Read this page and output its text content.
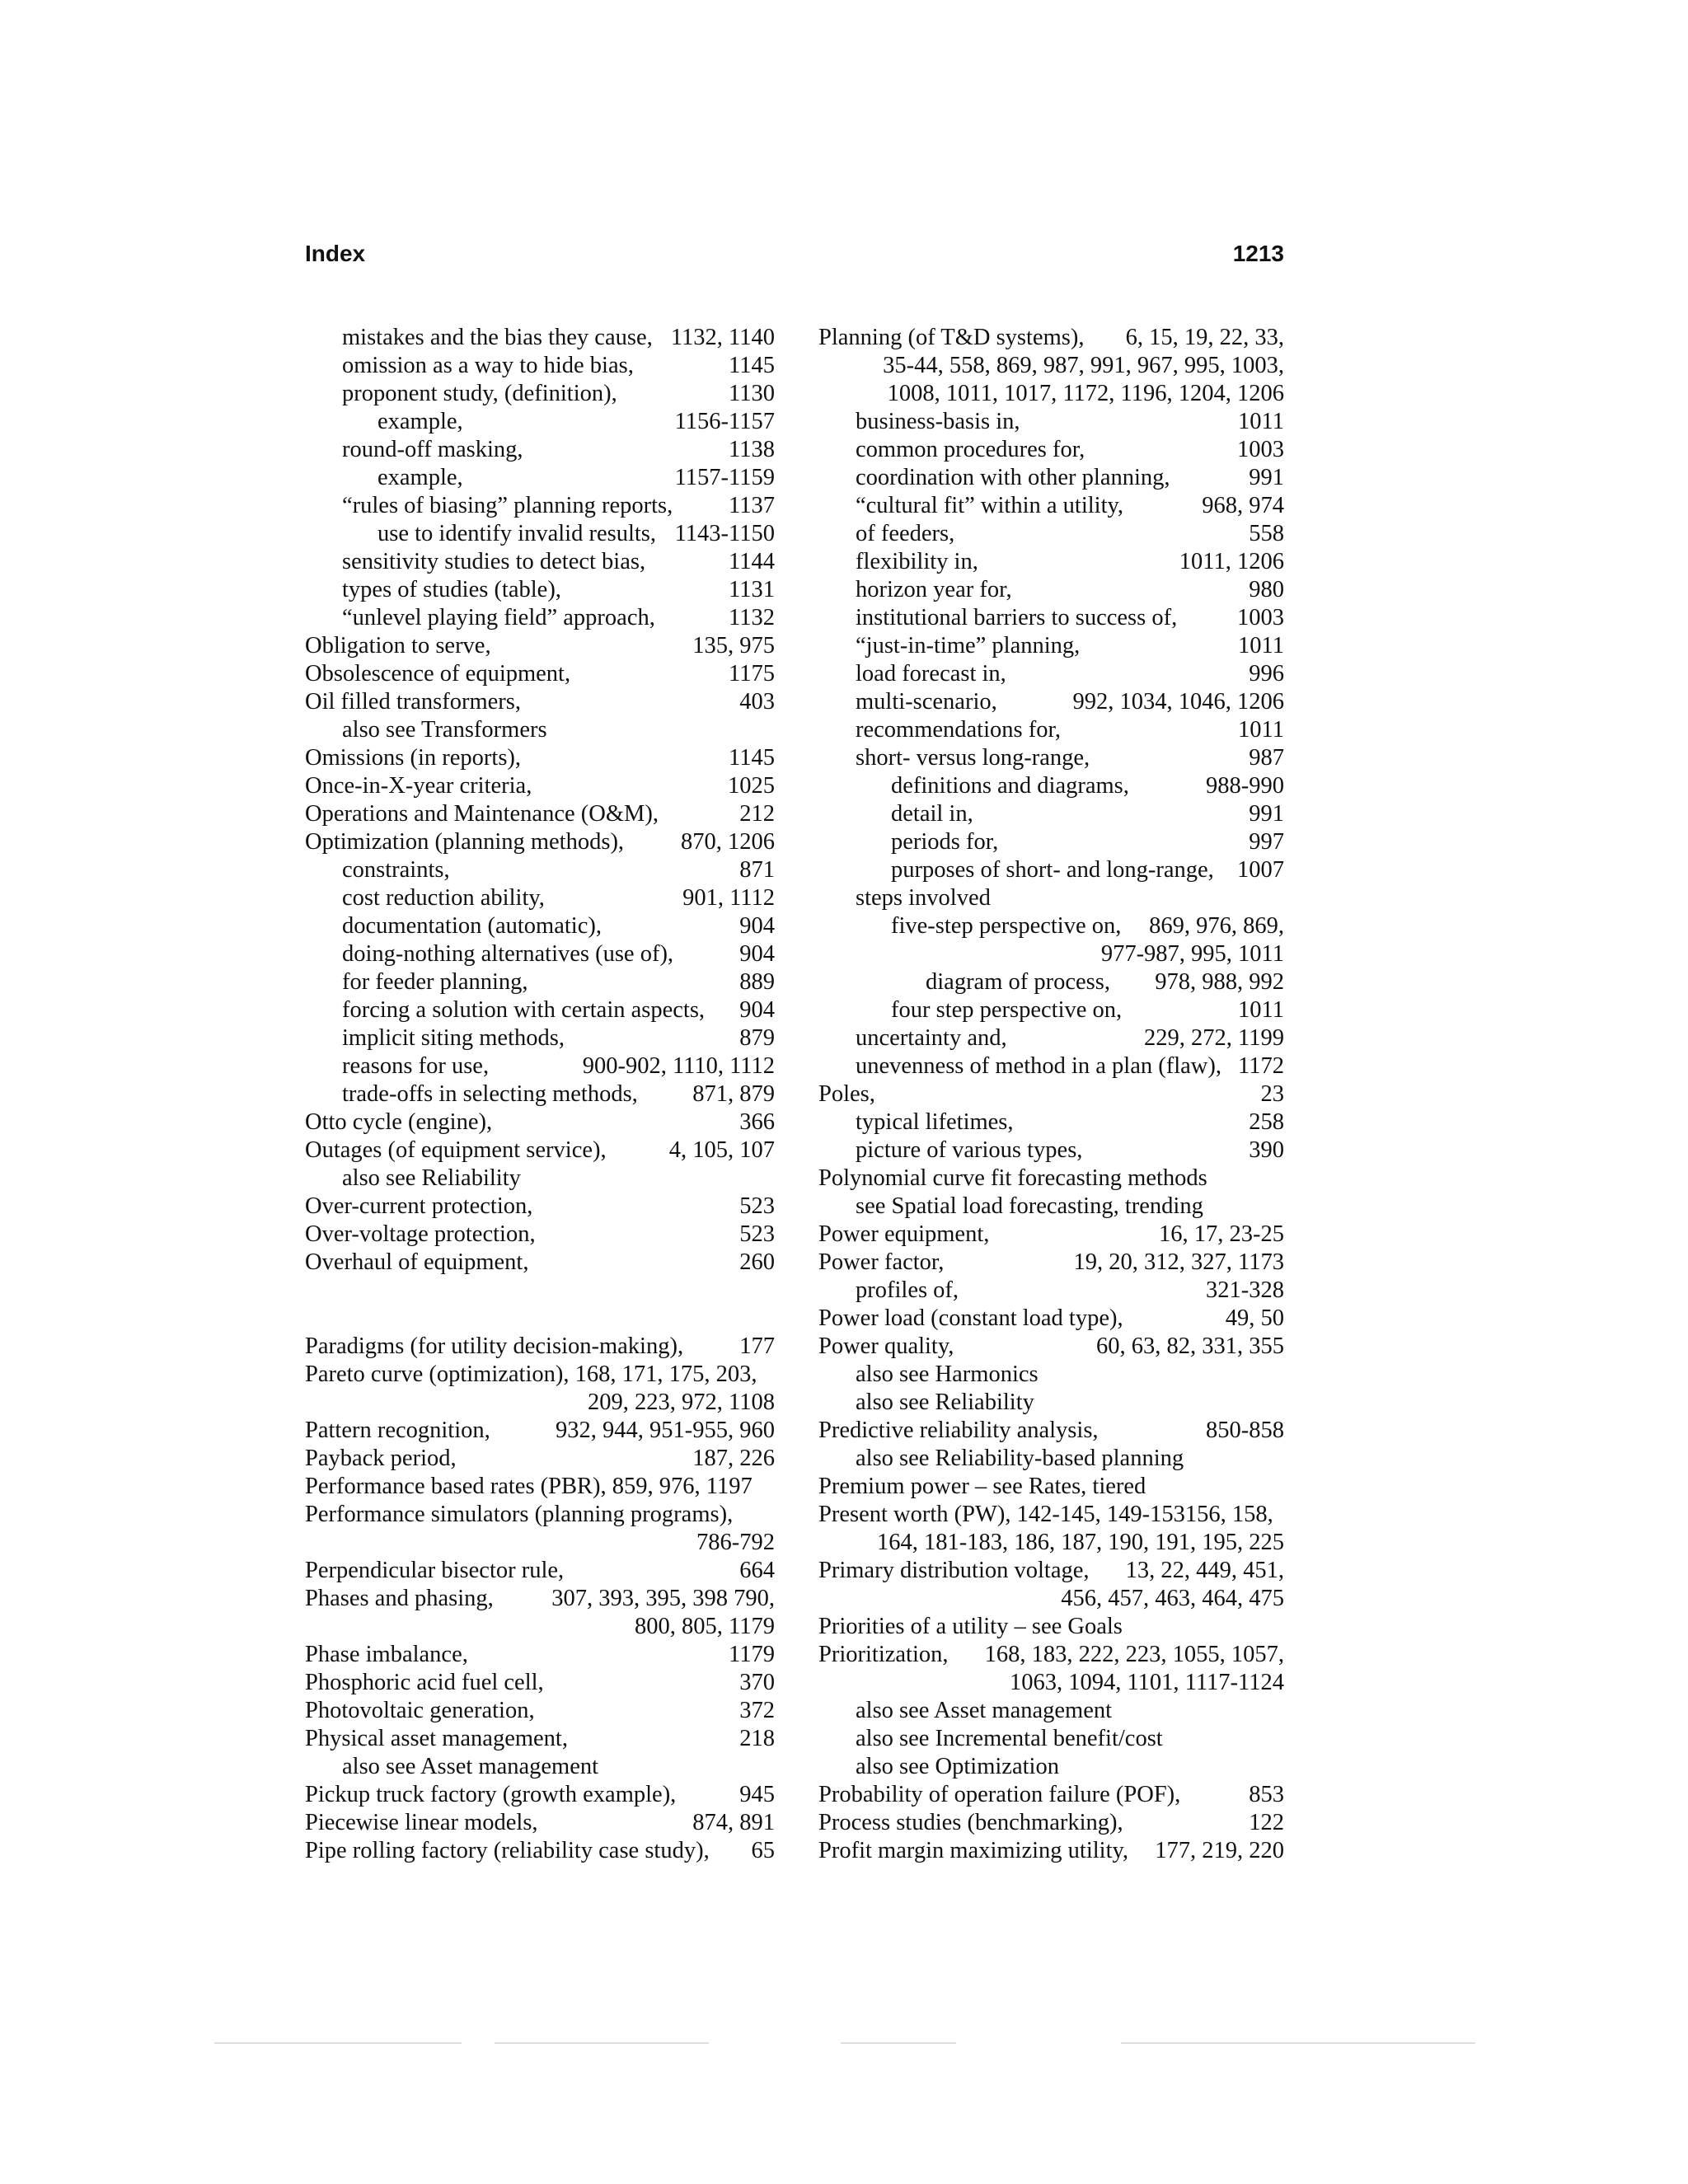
Index	1213
mistakes and the bias they cause, 1132, 1140
omission as a way to hide bias,	1145
proponent study, (definition),	1130
example,	1156-1157
round-off masking,	1138
example,	1157-1159
“rules of biasing” planning reports, 1137
use to identify invalid results, 1143-1150
sensitivity studies to detect bias,	1144
types of studies (table),	1131
“unlevel playing field” approach,	1132
Obligation to serve,	135, 975
Obsolescence of equipment,	1175
Oil filled transformers,	403
also see Transformers
Omissions (in reports),	1145
Once-in-X-year criteria,	1025
Operations and Maintenance (O&M),	212
Optimization (planning methods), 870, 1206
constraints,	871
cost reduction ability,	901, 1112
documentation (automatic),	904
doing-nothing alternatives (use of),	904
for feeder planning,	889
forcing a solution with certain aspects, 904
implicit siting methods,	879
reasons for use,	900-902, 1110, 1112
trade-offs in selecting methods, 871, 879
Otto cycle (engine),	366
Outages (of equipment service),	4, 105, 107
also see Reliability
Over-current protection,	523
Over-voltage protection,	523
Overhaul of equipment,	260
Paradigms (for utility decision-making), 177
Pareto curve (optimization), 168, 171, 175, 203,
209, 223, 972, 1108
Pattern recognition,	932, 944, 951-955, 960
Payback period,	187, 226
Performance based rates (PBR), 859, 976, 1197
Performance simulators (planning programs),
786-792
Perpendicular bisector rule,	664
Phases and phasing, 307, 393, 395, 398 790,
800, 805, 1179
Phase imbalance,	1179
Phosphoric acid fuel cell,	370
Photovoltaic generation,	372
Physical asset management,	218
also see Asset management
Pickup truck factory (growth example),	945
Piecewise linear models,	874, 891
Pipe rolling factory (reliability case study), 65
Planning (of T&D systems), 6, 15, 19, 22, 33,
35-44, 558, 869, 987, 991, 967, 995, 1003,
1008, 1011, 1017, 1172, 1196, 1204, 1206
business-basis in,	1011
common procedures for,	1003
coordination with other planning,	991
“cultural fit” within a utility,	968, 974
of feeders,	558
flexibility in,	1011, 1206
horizon year for,	980
institutional barriers to success of,	1003
“just-in-time” planning,	1011
load forecast in,	996
multi-scenario,	992, 1034, 1046, 1206
recommendations for,	1011
short- versus long-range,	987
definitions and diagrams,	988-990
detail in,	991
periods for,	997
purposes of short- and long-range, 1007
steps involved
five-step perspective on, 869, 976, 869,
977-987, 995, 1011
diagram of process, 978, 988, 992
four step perspective on,	1011
uncertainty and,	229, 272, 1199
unevenness of method in a plan (flaw), 1172
Poles,	23
typical lifetimes,	258
picture of various types,	390
Polynomial curve fit forecasting methods
see Spatial load forecasting, trending
Power equipment,	16, 17, 23-25
Power factor,	19, 20, 312, 327, 1173
profiles of,	321-328
Power load (constant load type),	49, 50
Power quality,	60, 63, 82, 331, 355
also see Harmonics
also see Reliability
Predictive reliability analysis,	850-858
also see Reliability-based planning
Premium power – see Rates, tiered
Present worth (PW), 142-145, 149-153156, 158,
164, 181-183, 186, 187, 190, 191, 195, 225
Primary distribution voltage, 13, 22, 449, 451,
456, 457, 463, 464, 475
Priorities of a utility – see Goals
Prioritization, 168, 183, 222, 223, 1055, 1057,
1063, 1094, 1101, 1117-1124
also see Asset management
also see Incremental benefit/cost
also see Optimization
Probability of operation failure (POF),	853
Process studies (benchmarking),	122
Profit margin maximizing utility, 177, 219, 220
